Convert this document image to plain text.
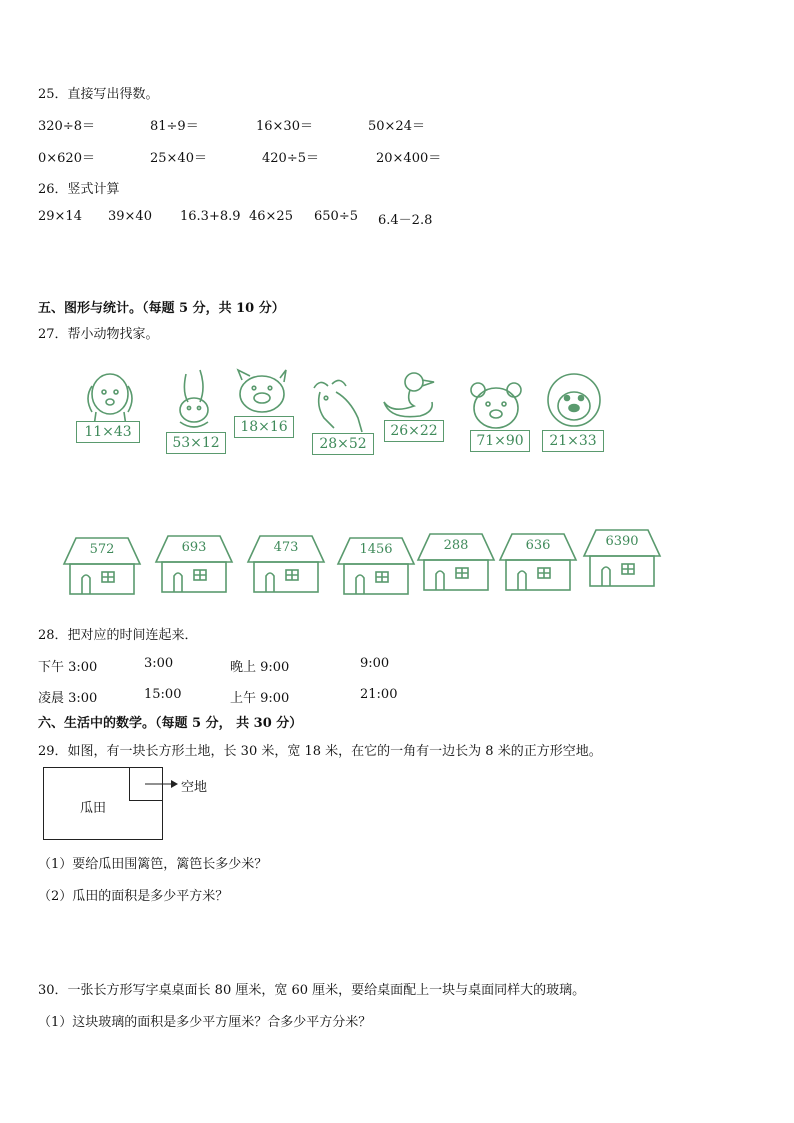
25．直接写出得数。
320÷8＝	81÷9＝	16×30＝	50×24＝
0×620＝	25×40＝	420÷5＝	20×400＝
26．竖式计算
29×14 39×40 16.3+8.9 46×25 650÷5 6.4－2.8
五、图形与统计。（每题 5 分，共 10 分）
27．帮小动物找家。
11×43
53×12
18×16
28×52
26×22
71×90	21×33
572	693	473	1456	288	636	6390
28．把对应的时间连起来．
下午 3:00	3:00	晚上 9:00	9:00
凌晨 3:00	15:00	上午 9:00	21:00
六、生活中的数学。（每题 5 分， 共 30 分）
29．如图，有一块长方形土地，长 30 米，宽 18 米，在它的一角有一边长为 8 米的正方形空地。
瓜田
空地
（1）要给瓜田围篱笆，篱笆长多少米？
（2）瓜田的面积是多少平方米？
30．一张长方形写字桌桌面长 80 厘米，宽 60 厘米，要给桌面配上一块与桌面同样大的玻璃。
（1）这块玻璃的面积是多少平方厘米？合多少平方分米？
